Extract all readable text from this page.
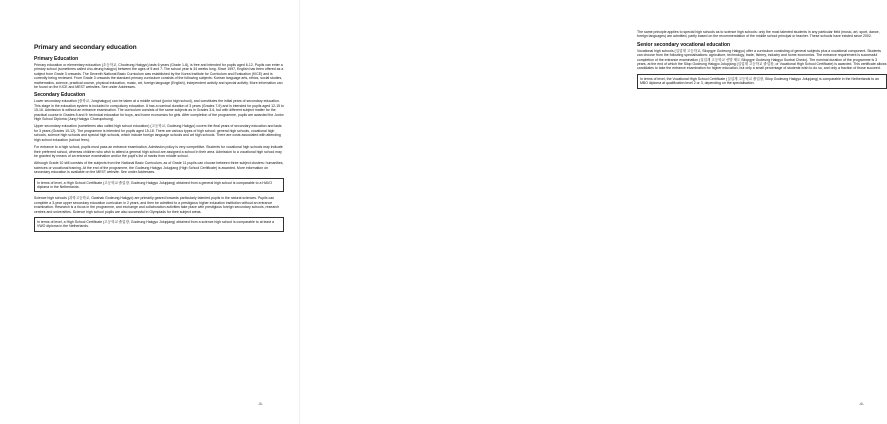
Primary and secondary education
Primary Education

Primary education or elementary education (초등학교, Chodeung Hakgyo) lasts 6 years (Grade 1-6), is free and intended for pupils aged 6-12. Pupils can enter a primary school (sometimes called cho-deung hakgyo) between the ages of 5 and 7. The school year is 34 weeks long. Since 1997, English has been offered as a subject from Grade 3 onwards. The Seventh National Basic Curriculum was established by the Korea Institute for Curriculum and Evaluation (KICE) and is currently being reviewed. From Grade 3 onwards the standard primary curriculum consists of the following subjects: Korean language arts, ethics, social studies, mathematics, science, practical course, physical education, music, art, foreign language (English), independent activity and special activity. More information can be found on the KICE and MEST websites. See under Addresses.

Secondary Education

Lower secondary education (중학교, Junghakgyo) can be taken at a middle school (junior high school), and constitutes the initial years of secondary education. This stage in the education system is included in compulsory education. It has a nominal duration of 3 years (Grades 7-9) and is intended for pupils aged 12-15 to 15-16. Admission is without an entrance examination. The curriculum consists of the same subjects as in Grades 3-6, but with different subject matter for the practical course in Grades 8 and 9: technical education for boys, and home economics for girls. After completion of the programme, pupils are awarded the Junior High School Diploma (Jung Hakgyo Choeupchung).

Upper secondary education (sometimes also called high school education) (고등학교, Godeung Hakgyo) covers the final years of secondary education and lasts for 3 years (Grades 10-12). The programme is intended for pupils aged 15-18. There are various types of high school: general high schools, vocational high schools, science high schools and special high schools, which include foreign language schools and art high schools. There are costs associated with attending high school education (school fees).

For entrance to a high school, pupils must pass an entrance examination. Admission policy is very competitive. Students for vocational high schools may indicate their preferred school, whereas children who wish to attend a general high school are assigned a school in their area. Admission to a vocational high school may be granted by means of an entrance examination and/or the pupil's list of marks from middle school.

Although Grade 10 still consists of the subjects from the National Basic Curriculum, as of Grade 11 pupils can choose between three subject clusters: humanities, sciences or vocational training. At the end of the programme, the Godeung Hakgyo Jolupjang (High School Certificate) is awarded. More information on secondary education is available on the MEST website. See under Addresses.

In terms of level, a High School Certificate (고등학교 졸업장, Godeung Hakgyo Jolupjang) obtained from a general high school is comparable to a HAVO diploma in the Netherlands.

Science high schools (과학고등학교, Gwahak Godeung Hakgyo) are primarily geared towards particularly talented pupils in the natural sciences. Pupils can complete a 3-year upper secondary education curriculum in 2 years, and then be admitted to a prestigious higher education institution without an entrance examination. Research is a focus in the programme, and exchange and collaboration activities take place with prestigious foreign secondary schools, research centres and universities. Science high school pupils are also successful in Olympiads for their subject areas.

In terms of level, a High School Certificate (고등학교 졸업장, Godeung Hakgyo Jolupjang) obtained from a science high school is comparable to at least a VWO diploma in the Netherlands.

-5-

The same principle applies to special high schools as to science high schools: only the most talented students in any particular field (music, art, sport, dance, foreign languages) are admitted, partly based on the recommendation of the middle school principal or teacher. These schools have existed since 2002.

Senior secondary vocational education

Vocational high schools (실업계 고등학교, Silopgye Godeung Hakgyo) offer a curriculum consisting of general subjects plus a vocational component. Students can choose from the following specialisations: agriculture, technology, trade, fishery, industry and home economics. The entrance requirement is successful completion of the entrance examination (실업계 고등학교 선발 제도 Silopgye Godeung Hakgyo Sunbal Chedo). The nominal duration of the programme is 3 years, at the end of which the Silop Godeung Hakgyo Jolupjang (실업계 고등학교 졸업장, or Vocational High School Certificate) is awarded. This certificate allows candidates to take the entrance examination for higher education, but only a small percentage of students wish to do so, and only a fraction of those succeed.

In terms of level, the Vocational High School Certificate (실업계 고등학교 졸업장, Silop Godeung Hakgyo Jolupjang) is comparable in the Netherlands to an MBO diploma at qualification level 2 or 3, depending on the specialisation.

-6-
